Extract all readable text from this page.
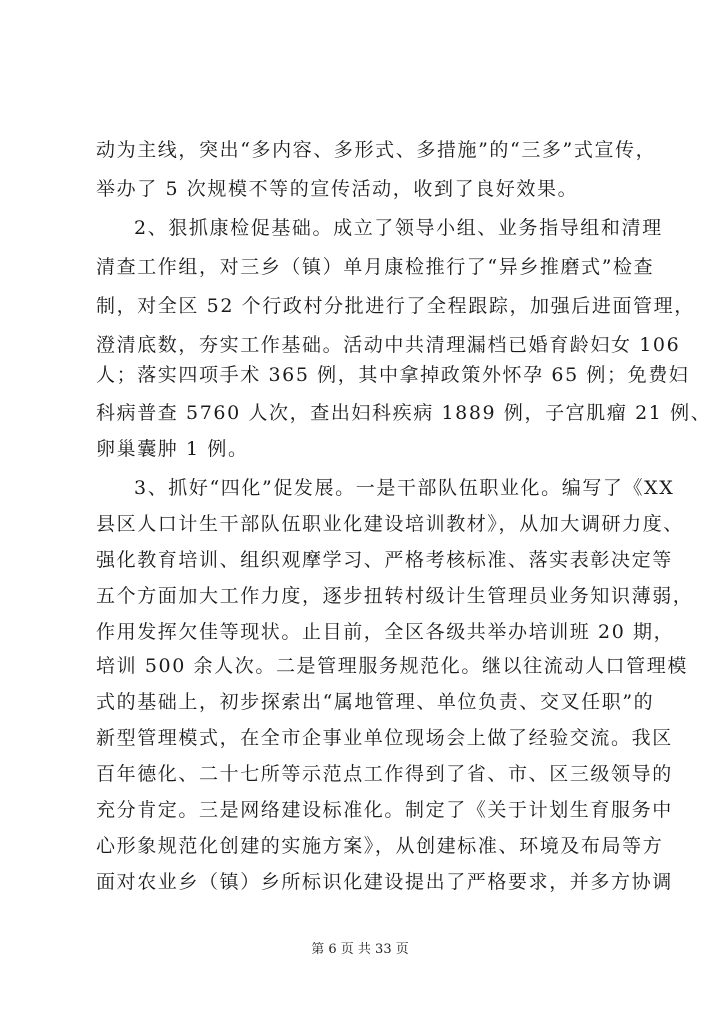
动为主线，突出“多内容、多形式、多措施”的“三多”式宣传，
举办了 5 次规模不等的宣传活动，收到了良好效果。
2、狠抓康检促基础。成立了领导小组、业务指导组和清理
清查工作组，对三乡（镇）单月康检推行了“异乡推磨式”检查
制，对全区 52 个行政村分批进行了全程跟踪，加强后进面管理，
澄清底数，夯实工作基础。活动中共清理漏档已婚育龄妇女 106
人；落实四项手术 365 例，其中拿掉政策外怀孕 65 例；免费妇
科病普查 5760 人次，查出妇科疾病 1889 例，子宫肌瘤 21 例、
卵巢囊肿 1 例。
3、抓好“四化”促发展。一是干部队伍职业化。编写了《XX
县区人口计生干部队伍职业化建设培训教材》，从加大调研力度、
强化教育培训、组织观摩学习、严格考核标准、落实表彰决定等
五个方面加大工作力度，逐步扭转村级计生管理员业务知识薄弱，
作用发挥欠佳等现状。止目前，全区各级共举办培训班 20 期，
培训 500 余人次。二是管理服务规范化。继以往流动人口管理模
式的基础上，初步探索出“属地管理、单位负责、交叉任职”的
新型管理模式，在全市企事业单位现场会上做了经验交流。我区
百年德化、二十七所等示范点工作得到了省、市、区三级领导的
充分肯定。三是网络建设标准化。制定了《关于计划生育服务中
心形象规范化创建的实施方案》，从创建标准、环境及布局等方
面对农业乡（镇）乡所标识化建设提出了严格要求，并多方协调
第 6 页 共 33 页
